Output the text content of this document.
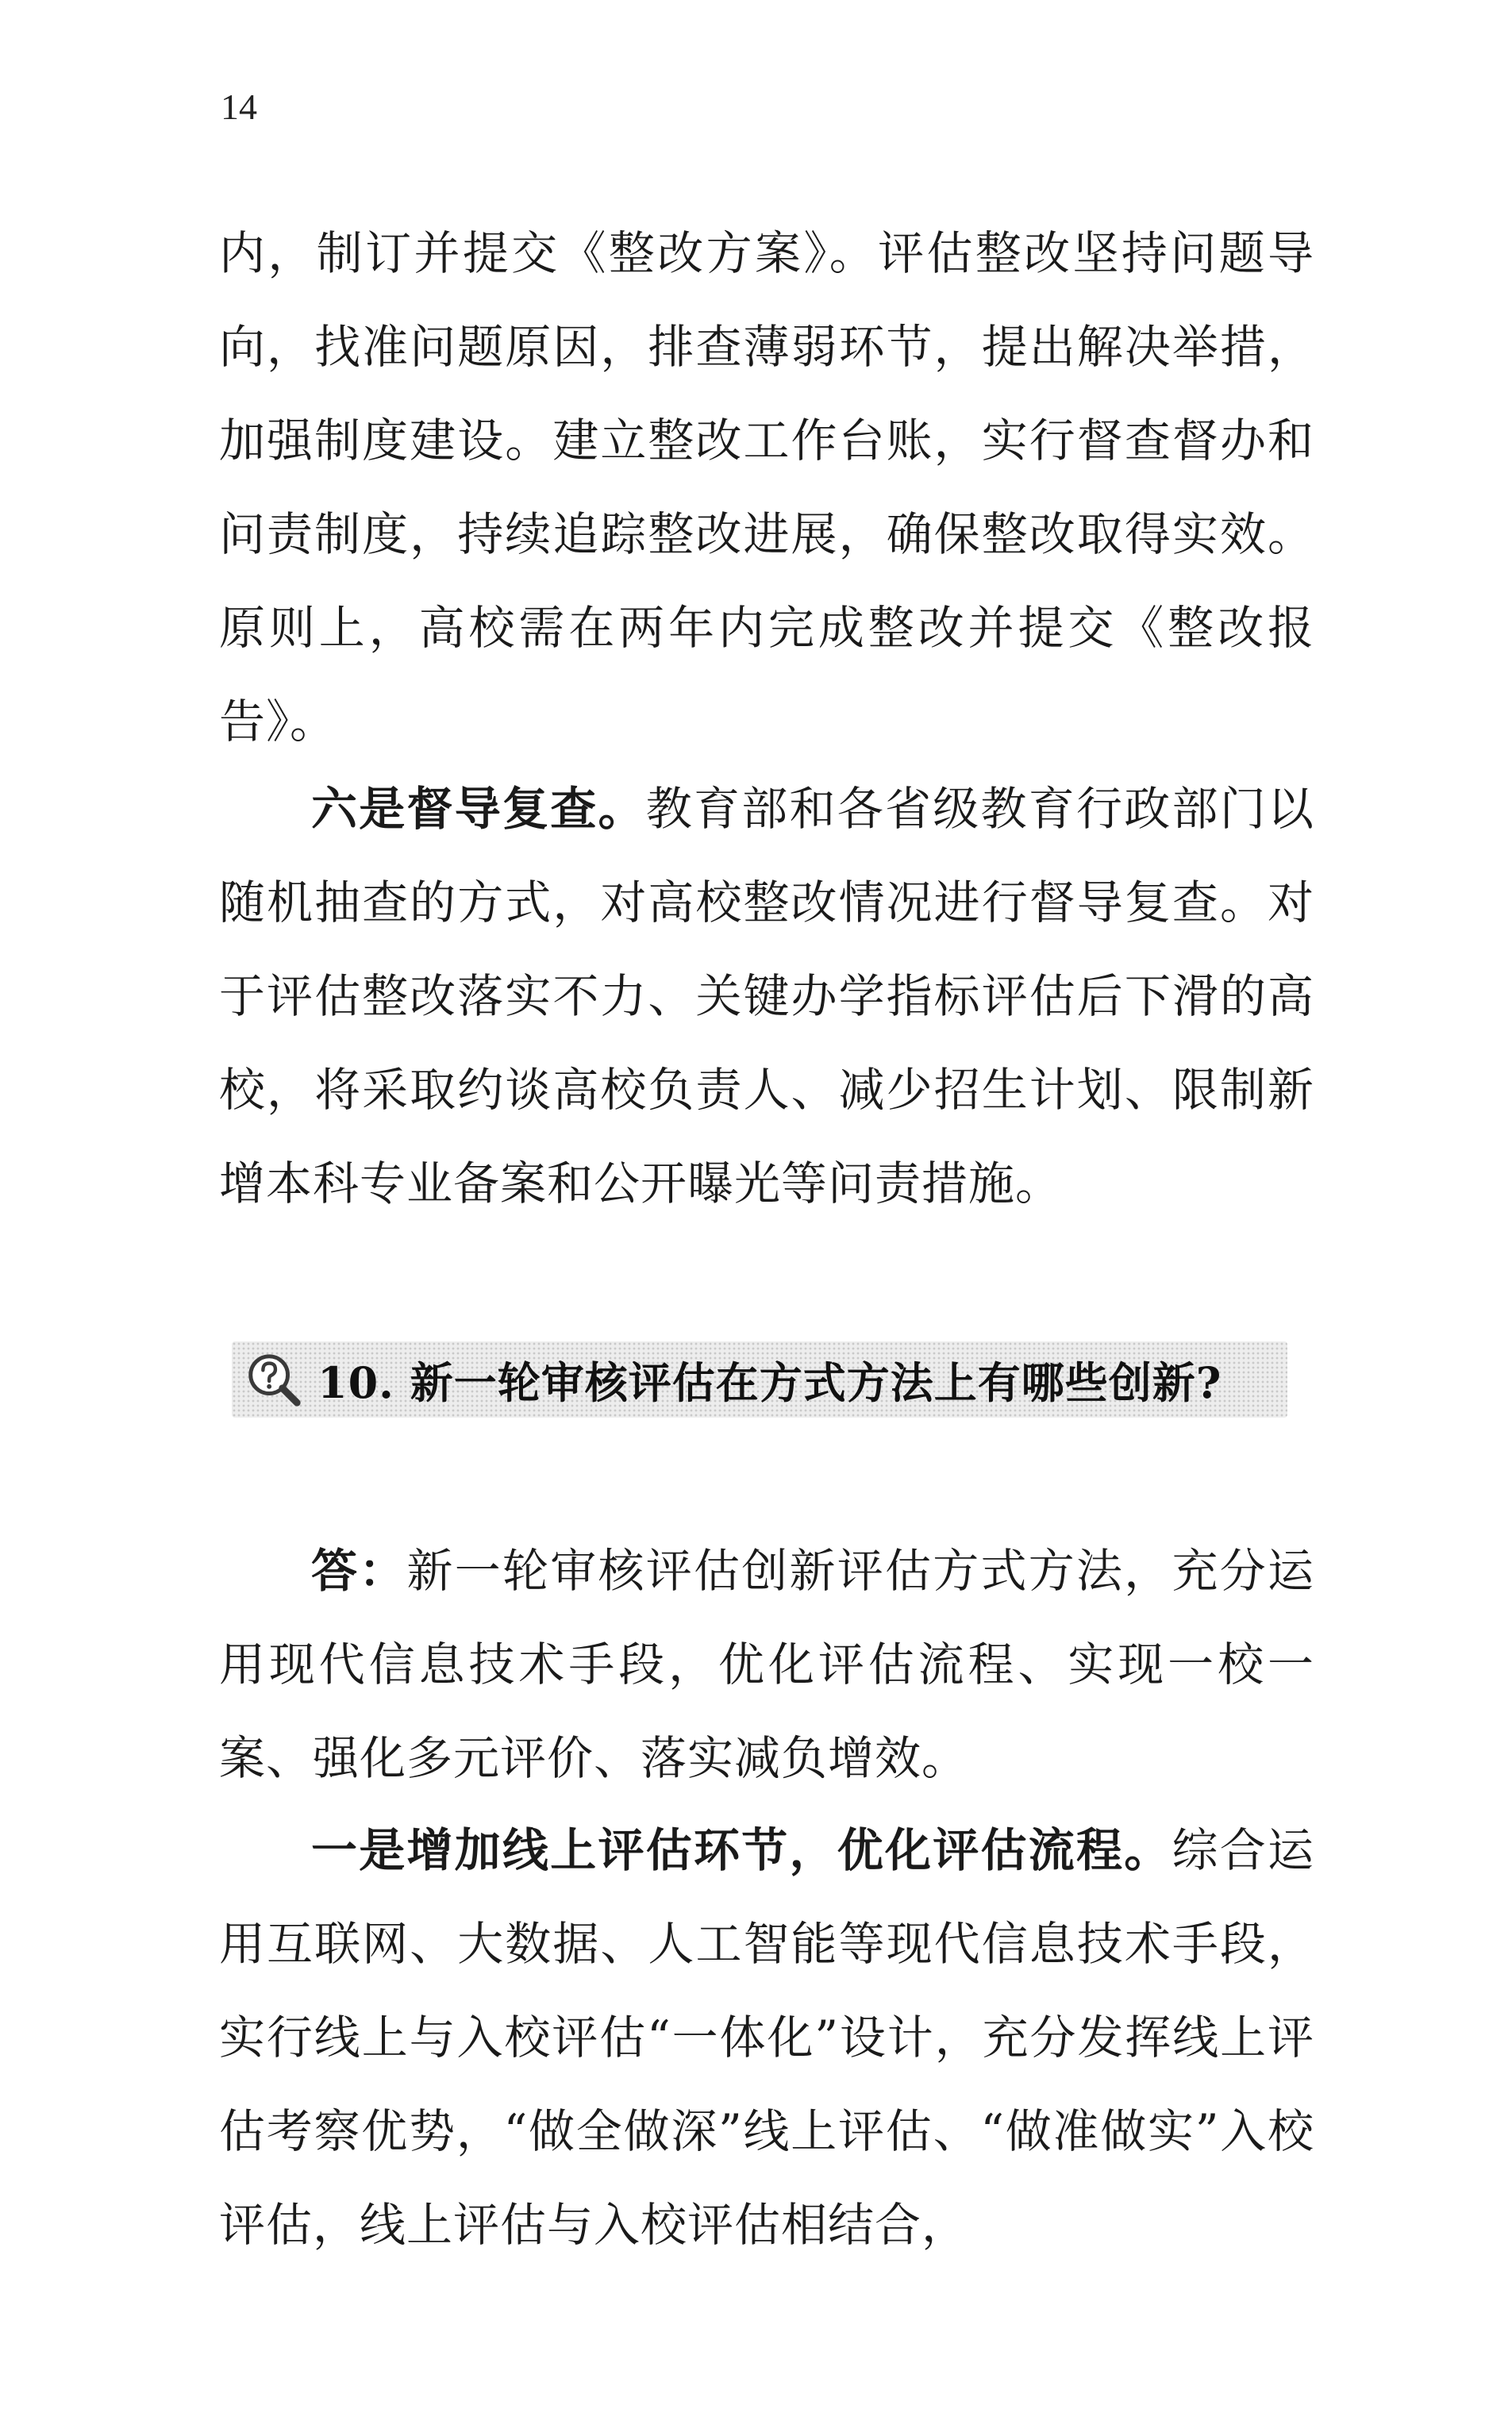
14

内，制订并提交《整改方案》。评估整改坚持问题导向，找准问题原因，排查薄弱环节，提出解决举措，加强制度建设。建立整改工作台账，实行督查督办和问责制度，持续追踪整改进展，确保整改取得实效。原则上，高校需在两年内完成整改并提交《整改报告》。

六是督导复查。教育部和各省级教育行政部门以随机抽查的方式，对高校整改情况进行督导复查。对于评估整改落实不力、关键办学指标评估后下滑的高校，将采取约谈高校负责人、减少招生计划、限制新增本科专业备案和公开曝光等问责措施。

10. 新一轮审核评估在方式方法上有哪些创新?

答：新一轮审核评估创新评估方式方法，充分运用现代信息技术手段，优化评估流程、实现一校一案、强化多元评价、落实减负增效。

一是增加线上评估环节，优化评估流程。综合运用互联网、大数据、人工智能等现代信息技术手段，实行线上与入校评估“一体化”设计，充分发挥线上评估考察优势，“做全做深”线上评估、“做准做实”入校评估，线上评估与入校评估相结合，
